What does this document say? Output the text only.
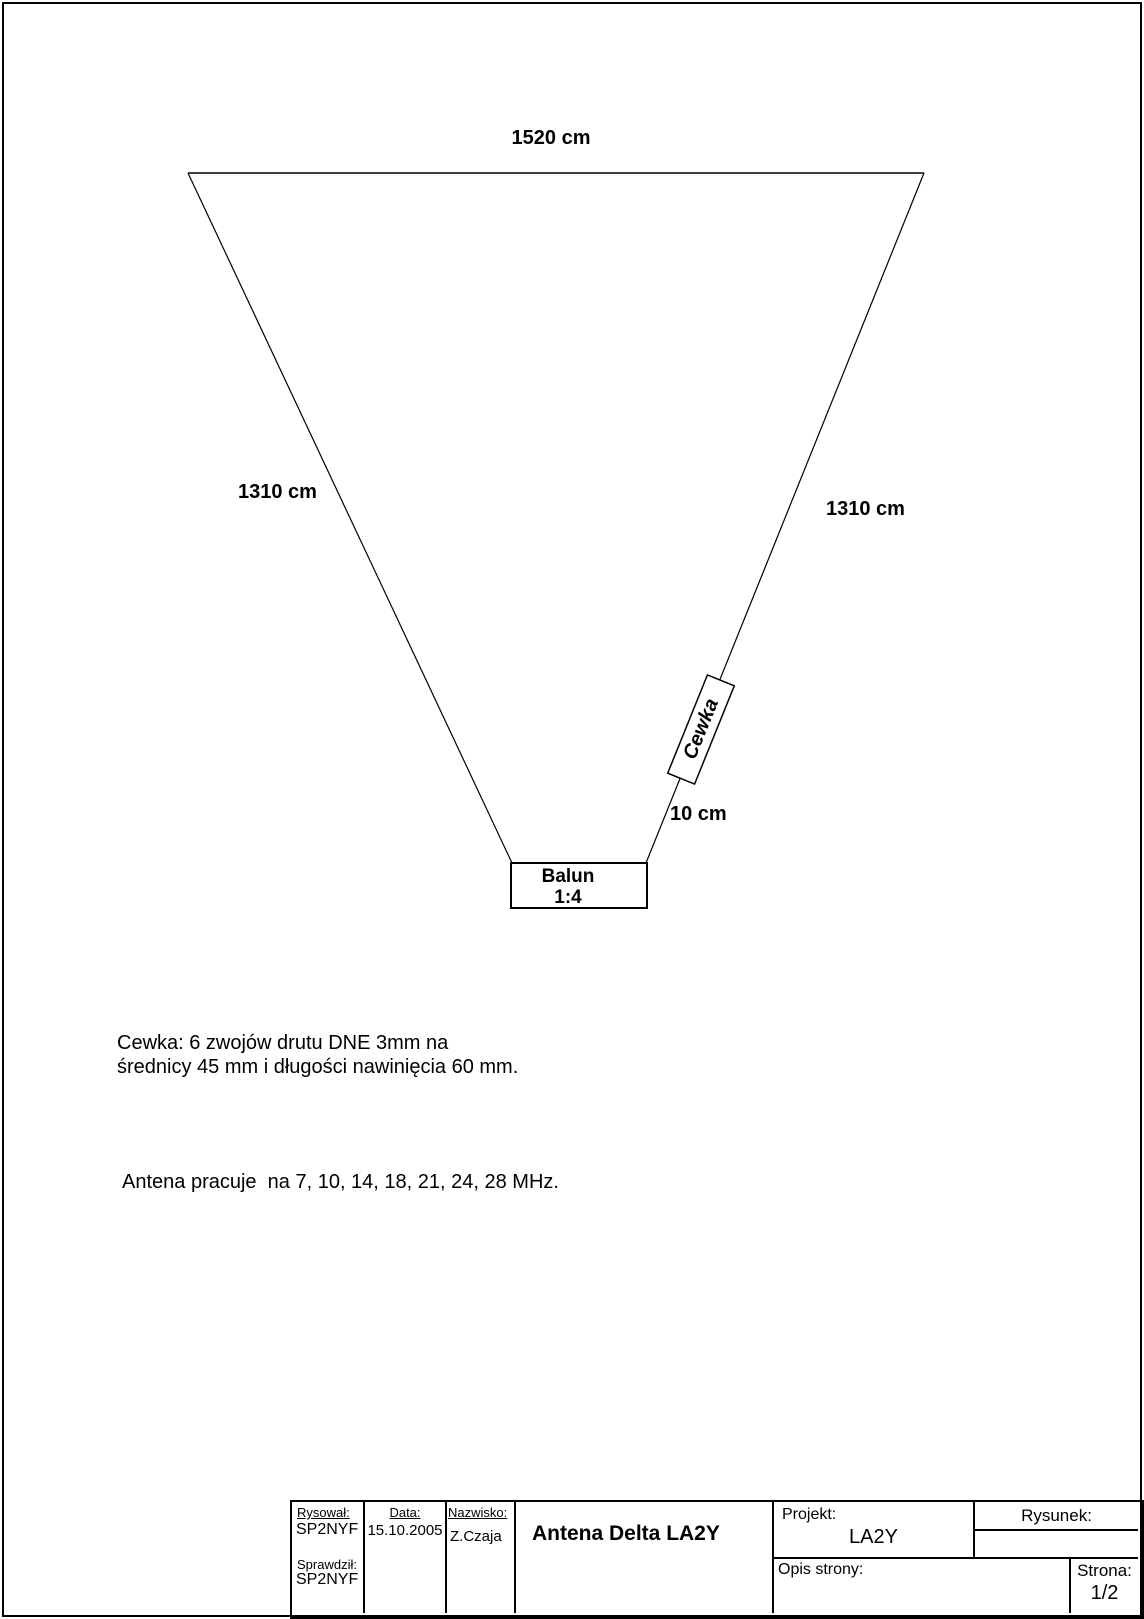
1520 cm
1310 cm
1310 cm
10 cm
Cewka
Balun
1:4
Cewka: 6 zwojów drutu DNE 3mm na
średnicy 45 mm i długości nawinięcia 60 mm.
Antena pracuje  na 7, 10, 14, 18, 21, 24, 28 MHz.
Rysował:
SP2NYF
Sprawdził:
SP2NYF
Data:
15.10.2005
Nazwisko:
Z.Czaja Antena Delta LA2Y
Projekt:
LA2Y
Rysunek:
Opis strony:	Strona:
1/2
